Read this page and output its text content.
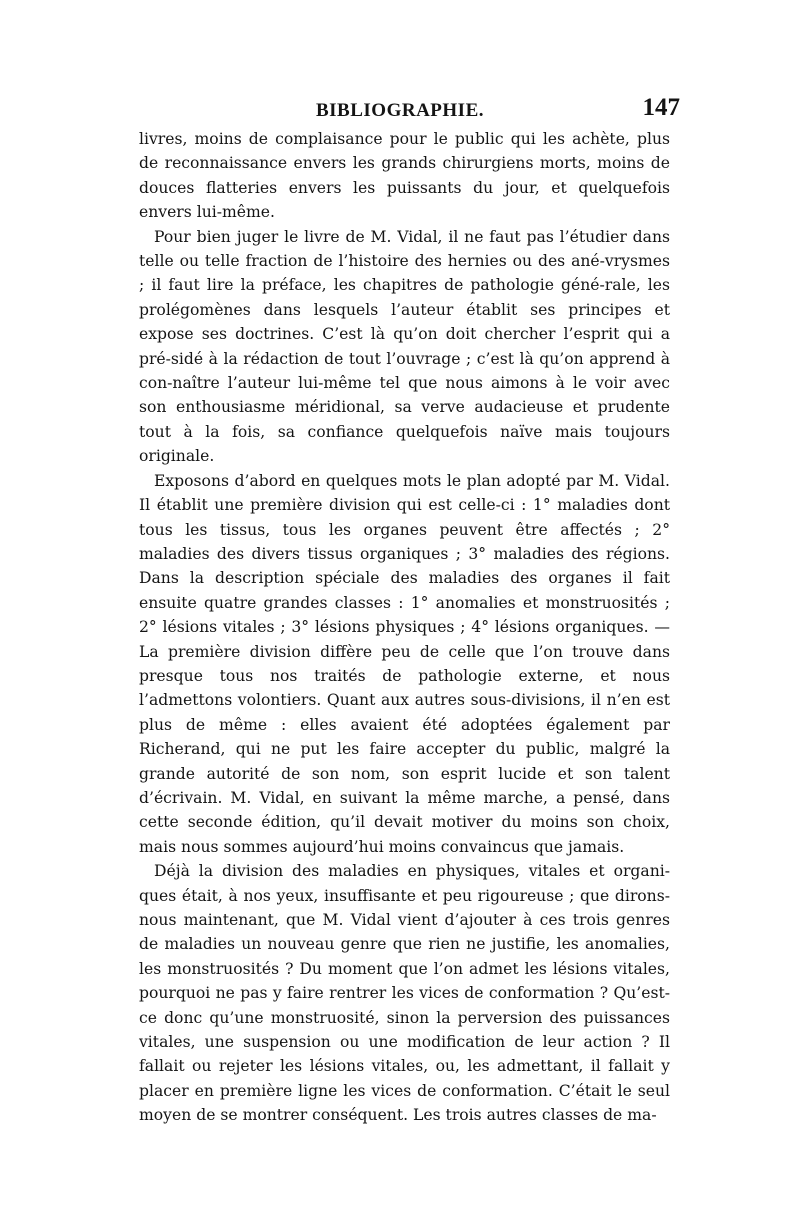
BIBLIOGRAPHIE.	147

livres, moins de complaisance pour le public qui les achète, plus de reconnaissance envers les grands chirurgiens morts, moins de douces flatteries envers les puissants du jour, et quelquefois envers lui-même.

Pour bien juger le livre de M. Vidal, il ne faut pas l’étudier dans telle ou telle fraction de l’histoire des hernies ou des ané-vrysmes ; il faut lire la préface, les chapitres de pathologie géné-rale, les prolégomènes dans lesquels l’auteur établit ses principes et expose ses doctrines. C’est là qu’on doit chercher l’esprit qui a pré-sidé à la rédaction de tout l’ouvrage ; c’est là qu’on apprend à con-naître l’auteur lui-même tel que nous aimons à le voir avec son enthousiasme méridional, sa verve audacieuse et prudente tout à la fois, sa confiance quelquefois naïve mais toujours originale.

Exposons d’abord en quelques mots le plan adopté par M. Vidal. Il établit une première division qui est celle-ci : 1° maladies dont tous les tissus, tous les organes peuvent être affectés ; 2° maladies des divers tissus organiques ; 3° maladies des régions. Dans la description spéciale des maladies des organes il fait ensuite quatre grandes classes : 1° anomalies et monstruosités ; 2° lésions vitales ; 3° lésions physiques ; 4° lésions organiques. — La première division diffère peu de celle que l’on trouve dans presque tous nos traités de pathologie externe, et nous l’admettons volontiers. Quant aux autres sous-divisions, il n’en est plus de même : elles avaient été adoptées également par Richerand, qui ne put les faire accepter du public, malgré la grande autorité de son nom, son esprit lucide et son talent d’écrivain. M. Vidal, en suivant la même marche, a pensé, dans cette seconde édition, qu’il devait motiver du moins son choix, mais nous sommes aujourd’hui moins convaincus que jamais.

Déjà la division des maladies en physiques, vitales et organi-ques était, à nos yeux, insuffisante et peu rigoureuse ; que dirons-nous maintenant, que M. Vidal vient d’ajouter à ces trois genres de maladies un nouveau genre que rien ne justifie, les anomalies, les monstruosités ? Du moment que l’on admet les lésions vitales, pourquoi ne pas y faire rentrer les vices de conformation ? Qu’est-ce donc qu’une monstruosité, sinon la perversion des puissances vitales, une suspension ou une modification de leur action ? Il fallait ou rejeter les lésions vitales, ou, les admettant, il fallait y placer en première ligne les vices de conformation. C’était le seul moyen de se montrer conséquent. Les trois autres classes de ma-
